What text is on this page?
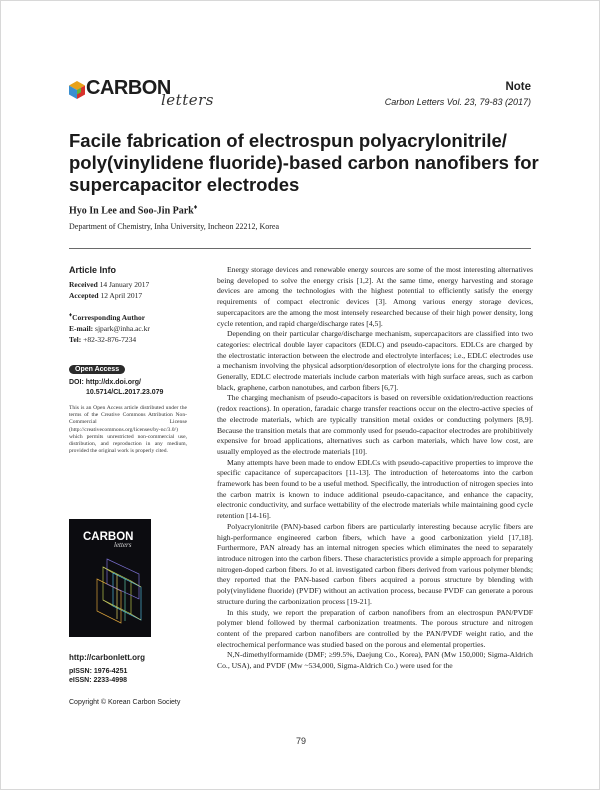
CARBON
letters
Note
Carbon Letters Vol. 23, 79-83 (2017)
Facile fabrication of electrospun polyacrylonitrile/ poly(vinylidene fluoride)-based carbon nanofibers for supercapacitor electrodes
Hyo In Lee and Soo-Jin Park♦
Department of Chemistry, Inha University, Incheon 22212, Korea
Article Info
Received 14 January 2017
Accepted 12 April 2017
♦Corresponding Author
E-mail: sjpark@inha.ac.kr
Tel: +82-32-876-7234
Open Access
DOI: http://dx.doi.org/
10.5714/CL.2017.23.079
This is an Open Access article distributed under the terms of the Creative Commons Attribution Non-Commercial License (http://creativecommons.org/licenses/by-nc/3.0/) which permits unrestricted non-commercial use, distribution, and reproduction in any medium, provided the original work is properly cited.
CARBON
letters
http://carbonlett.org
pISSN: 1976-4251
eISSN: 2233-4998
Copyright © Korean Carbon Society

Energy storage devices and renewable energy sources are some of the most interesting alternatives being developed to solve the energy crisis [1,2]. At the same time, energy harvesting and storage devices are among the technologies with the highest potential to efficiently satisfy the energy requirements of compact electronic devices [3]. Among various energy storage devices, supercapacitors are the among the most intensely researched because of their high power density, long cycle retention, and rapid charge/discharge rates [4,5].

Depending on their particular charge/discharge mechanism, supercapacitors are classified into two categories: electrical double layer capacitors (EDLC) and pseudo-capacitors. EDLCs are charged by the electrostatic interaction between the electrode and electrolyte interfaces; i.e., EDLC electrodes use a mechanism involving the physical adsorption/desorption of electrolyte ions for the charging process. Generally, EDLC electrode materials include carbon materials with high surface areas, such as carbon black, graphene, carbon nanotubes, and carbon fibers [6,7].

The charging mechanism of pseudo-capacitors is based on reversible oxidation/reduction reactions (redox reactions). In operation, faradaic charge transfer reactions occur on the electro-active species of the electrode materials, which are typically transition metal oxides or conducting polymers [8,9]. Because the transition metals that are commonly used for pseudo-capacitor electrodes are prohibitively expensive for broad applications, alternatives such as carbon materials, which have low cost, are usually employed as the electrode materials [10].

Many attempts have been made to endow EDLCs with pseudo-capacitive properties to improve the specific capacitance of supercapacitors [11-13]. The introduction of heteroatoms into the carbon framework has been found to be a useful method. Specifically, the introduction of nitrogen species into the carbon matrix is known to induce additional pseudo-capacitance, and enhance the capacity, electronic conductivity, and surface wettability of the electrode materials while maintaining good cycle retention [14-16].

Polyacrylonitrile (PAN)-based carbon fibers are particularly interesting because acrylic fibers are high-performance engineered carbon fibers, which have a good carbonization yield [17,18]. Furthermore, PAN already has an internal nitrogen species which eliminates the need to separately introduce nitrogen into the carbon fibers. These characteristics provide a simple approach for preparing nitrogen-doped carbon fibers. Jo et al. investigated carbon fibers derived from various polymer blends; they reported that the PAN-based carbon fibers acquired a porous structure by blending with poly(vinylidene fluoride) (PVDF) without an activation process, because PVDF can generate a porous structure during the carbonization process [19-21].

In this study, we report the preparation of carbon nanofibers from an electrospun PAN/PVDF polymer blend followed by thermal carbonization treatments. The porous structure and nitrogen content of the prepared carbon nanofibers are controlled by the PAN/PVDF weight ratio, and the electrochemical performance was studied based on the porous and elemental properties.

N,N-dimethylformamide (DMF; ≥99.5%, Daejung Co., Korea), PAN (Mw 150,000; Sigma-Aldrich Co., USA), and PVDF (Mw ~534,000, Sigma-Aldrich Co.) were used for the

79
